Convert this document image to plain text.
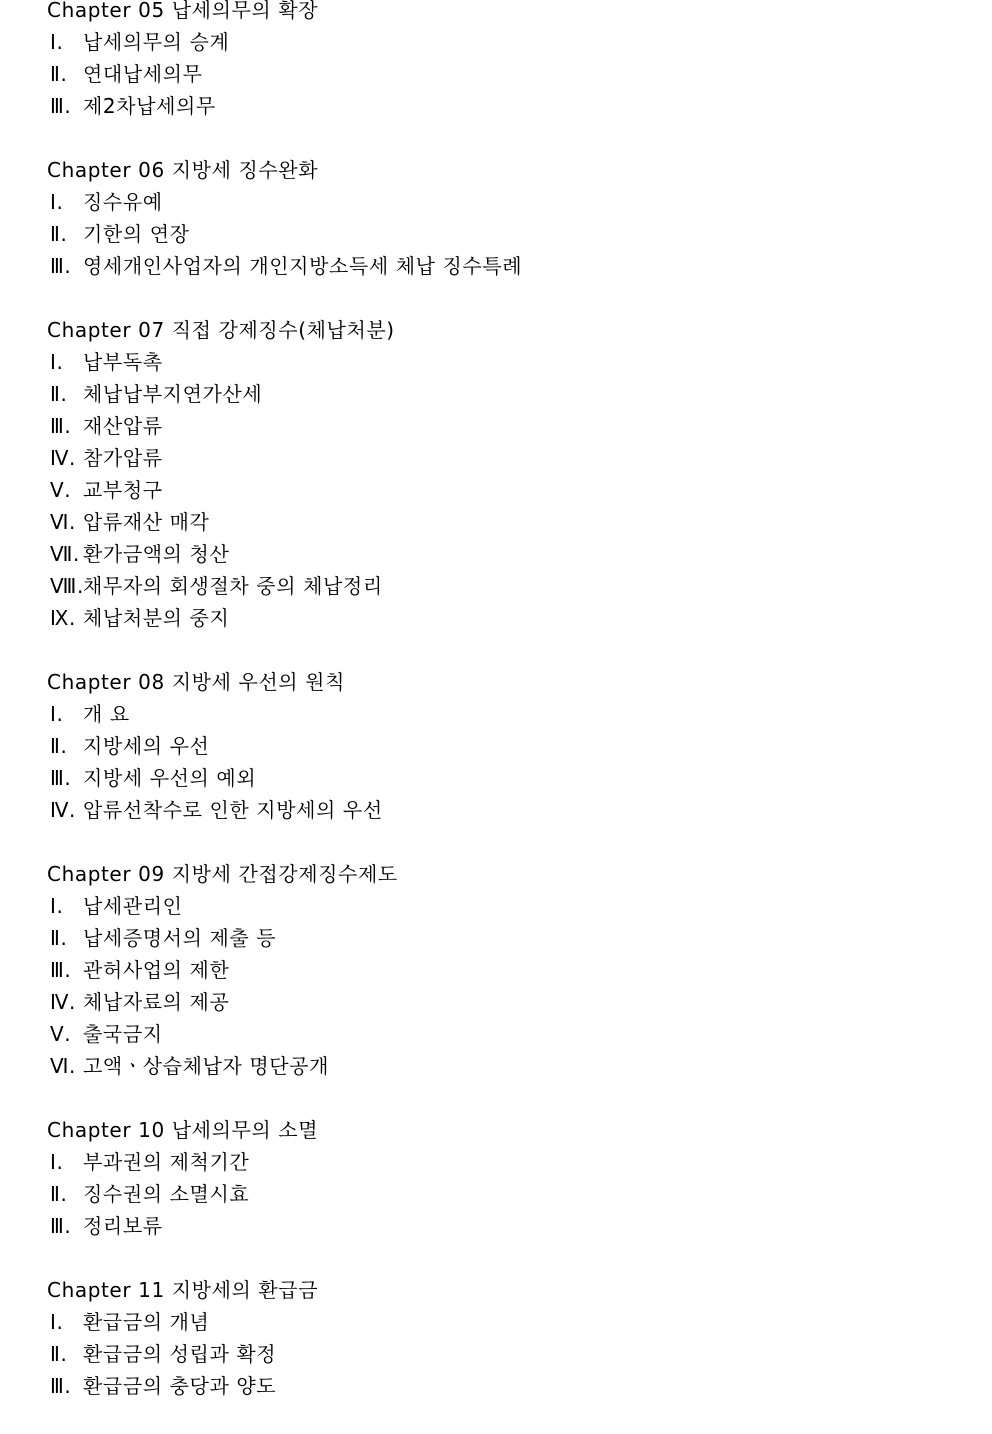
Chapter 05 납세의무의 확장
Ⅰ. 납세의무의 승계
Ⅱ. 연대납세의무
Ⅲ. 제2차납세의무
Chapter 06 지방세 징수완화
Ⅰ. 징수유예
Ⅱ. 기한의 연장
Ⅲ. 영세개인사업자의 개인지방소득세 체납 징수특례
Chapter 07 직접 강제징수(체납처분)
Ⅰ. 납부독촉
Ⅱ. 체납납부지연가산세
Ⅲ. 재산압류
Ⅳ. 참가압류
Ⅴ. 교부청구
Ⅵ. 압류재산 매각
Ⅶ. 환가금액의 청산
Ⅷ.채무자의 회생절차 중의 체납정리
Ⅸ. 체납처분의 중지
Chapter 08 지방세 우선의 원칙
Ⅰ. 개 요
Ⅱ. 지방세의 우선
Ⅲ. 지방세 우선의 예외
Ⅳ. 압류선착수로 인한 지방세의 우선
Chapter 09 지방세 간접강제징수제도
Ⅰ. 납세관리인
Ⅱ. 납세증명서의 제출 등
Ⅲ. 관허사업의 제한
Ⅳ. 체납자료의 제공
Ⅴ. 출국금지
Ⅵ. 고액ㆍ상습체납자 명단공개
Chapter 10 납세의무의 소멸
Ⅰ. 부과권의 제척기간
Ⅱ. 징수권의 소멸시효
Ⅲ. 정리보류
Chapter 11 지방세의 환급금
Ⅰ. 환급금의 개념
Ⅱ. 환급금의 성립과 확정
Ⅲ. 환급금의 충당과 양도
